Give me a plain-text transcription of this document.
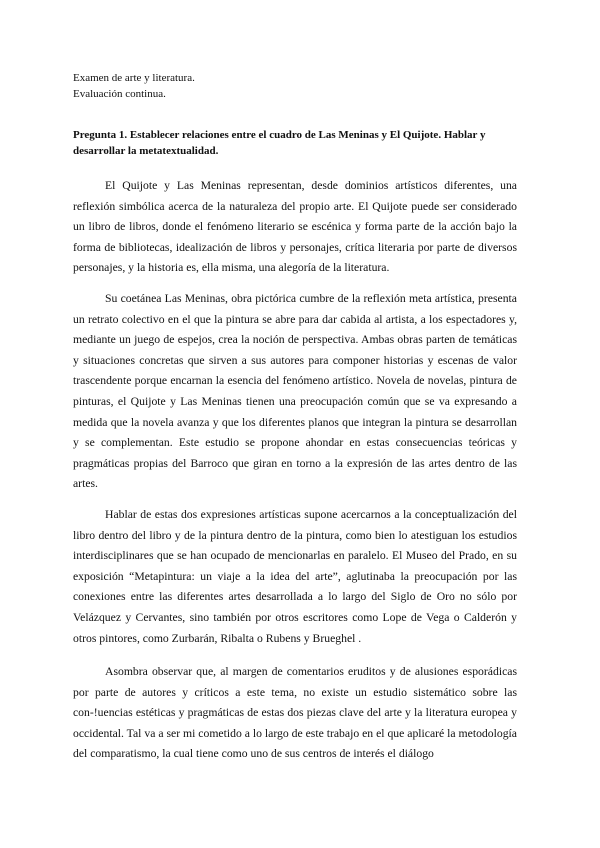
Examen de arte y literatura.
Evaluación continua.
Pregunta 1. Establecer relaciones entre el cuadro de Las Meninas y El Quijote. Hablar y desarrollar la metatextualidad.

El Quijote y Las Meninas representan, desde dominios artísticos diferentes, una reflexión simbólica acerca de la naturaleza del propio arte. El Quijote puede ser considerado un libro de libros, donde el fenómeno literario se escénica y forma parte de la acción bajo la forma de bibliotecas, idealización de libros y personajes, crítica literaria por parte de diversos personajes, y la historia es, ella misma, una alegoría de la literatura.

Su coetánea Las Meninas, obra pictórica cumbre de la reflexión meta artística, presenta un retrato colectivo en el que la pintura se abre para dar cabida al artista, a los espectadores y, mediante un juego de espejos, crea la noción de perspectiva. Ambas obras parten de temáticas y situaciones concretas que sirven a sus autores para componer historias y escenas de valor trascendente porque encarnan la esencia del fenómeno artístico. Novela de novelas, pintura de pinturas, el Quijote y Las Meninas tienen una preocupación común que se va expresando a medida que la novela avanza y que los diferentes planos que integran la pintura se desarrollan y se complementan. Este estudio se propone ahondar en estas consecuencias teóricas y pragmáticas propias del Barroco que giran en torno a la expresión de las artes dentro de las artes.

Hablar de estas dos expresiones artísticas supone acercarnos a la conceptualización del libro dentro del libro y de la pintura dentro de la pintura, como bien lo atestiguan los estudios interdisciplinares que se han ocupado de mencionarlas en paralelo. El Museo del Prado, en su exposición “Metapintura: un viaje a la idea del arte”, aglutinaba la preocupación por las conexiones entre las diferentes artes desarrollada a lo largo del Siglo de Oro no sólo por Velázquez y Cervantes, sino también por otros escritores como Lope de Vega o Calderón y otros pintores, como Zurbarán, Ribalta o Rubens y Brueghel .

Asombra observar que, al margen de comentarios eruditos y de alusiones esporádicas por parte de autores y críticos a este tema, no existe un estudio sistemático sobre las con-!uencias estéticas y pragmáticas de estas dos piezas clave del arte y la literatura europea y occidental. Tal va a ser mi cometido a lo largo de este trabajo en el que aplicaré la metodología del comparatismo, la cual tiene como uno de sus centros de interés el diálogo
